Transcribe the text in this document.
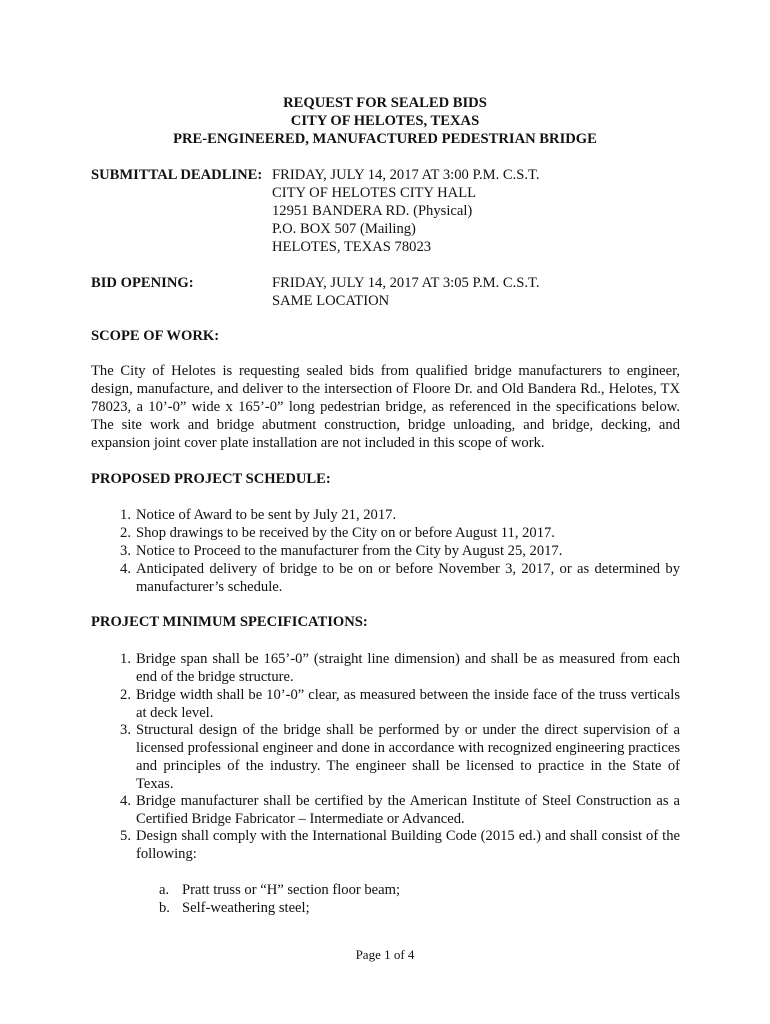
REQUEST FOR SEALED BIDS
CITY OF HELOTES, TEXAS
PRE-ENGINEERED, MANUFACTURED PEDESTRIAN BRIDGE
SUBMITTAL DEADLINE: FRIDAY, JULY 14, 2017 AT 3:00 P.M. C.S.T.
CITY OF HELOTES CITY HALL
12951 BANDERA RD. (Physical)
P.O. BOX 507 (Mailing)
HELOTES, TEXAS 78023
BID OPENING:	FRIDAY, JULY 14, 2017 AT 3:05 P.M. C.S.T.
SAME LOCATION
SCOPE OF WORK:
The City of Helotes is requesting sealed bids from qualified bridge manufacturers to engineer, design, manufacture, and deliver to the intersection of Floore Dr. and Old Bandera Rd., Helotes, TX 78023, a 10’-0” wide x 165’-0” long pedestrian bridge, as referenced in the specifications below. The site work and bridge abutment construction, bridge unloading, and bridge, decking, and expansion joint cover plate installation are not included in this scope of work.
PROPOSED PROJECT SCHEDULE:
1. Notice of Award to be sent by July 21, 2017.
2. Shop drawings to be received by the City on or before August 11, 2017.
3. Notice to Proceed to the manufacturer from the City by August 25, 2017.
4. Anticipated delivery of bridge to be on or before November 3, 2017, or as determined by manufacturer’s schedule.
PROJECT MINIMUM SPECIFICATIONS:
1. Bridge span shall be 165’-0” (straight line dimension) and shall be as measured from each end of the bridge structure.
2. Bridge width shall be 10’-0” clear, as measured between the inside face of the truss verticals at deck level.
3. Structural design of the bridge shall be performed by or under the direct supervision of a licensed professional engineer and done in accordance with recognized engineering practices and principles of the industry. The engineer shall be licensed to practice in the State of Texas.
4. Bridge manufacturer shall be certified by the American Institute of Steel Construction as a Certified Bridge Fabricator – Intermediate or Advanced.
5. Design shall comply with the International Building Code (2015 ed.) and shall consist of the following:
a. Pratt truss or “H” section floor beam;
b. Self-weathering steel;
Page 1 of 4
